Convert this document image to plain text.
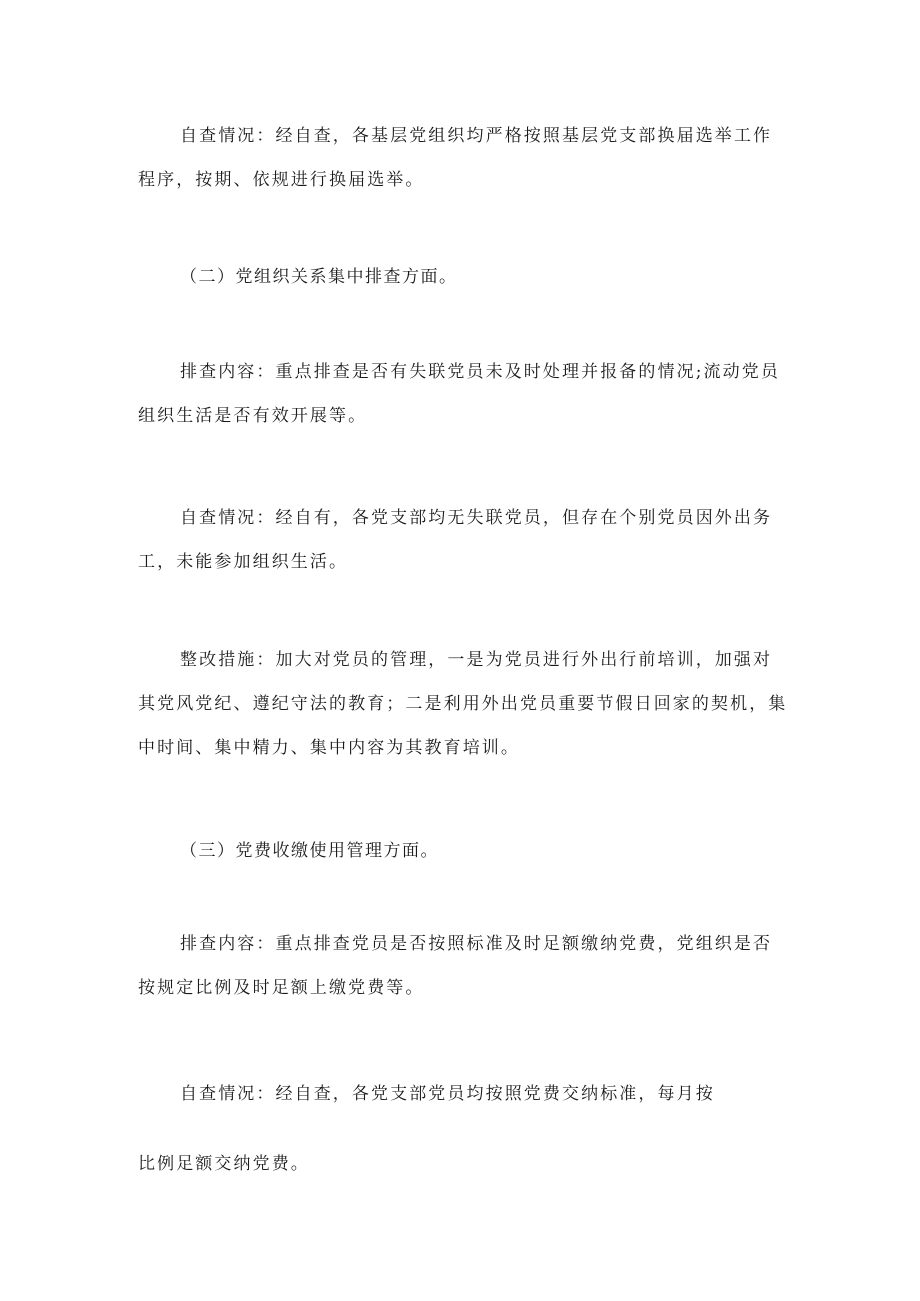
自查情况：经自查，各基层党组织均严格按照基层党支部换届选举工作程序，按期、依规进行换届选举。

（二）党组织关系集中排查方面。

排查内容：重点排查是否有失联党员未及时处理并报备的情况;流动党员组织生活是否有效开展等。

自查情况：经自有，各党支部均无失联党员，但存在个别党员因外出务工，未能参加组织生活。

整改措施：加大对党员的管理，一是为党员进行外出行前培训，加强对其党风党纪、遵纪守法的教育；二是利用外出党员重要节假日回家的契机，集中时间、集中精力、集中内容为其教育培训。

（三）党费收缴使用管理方面。

排查内容：重点排查党员是否按照标准及时足额缴纳党费，党组织是否按规定比例及时足额上缴党费等。

自查情况：经自查，各党支部党员均按照党费交纳标准，每月按

比例足额交纳党费。
